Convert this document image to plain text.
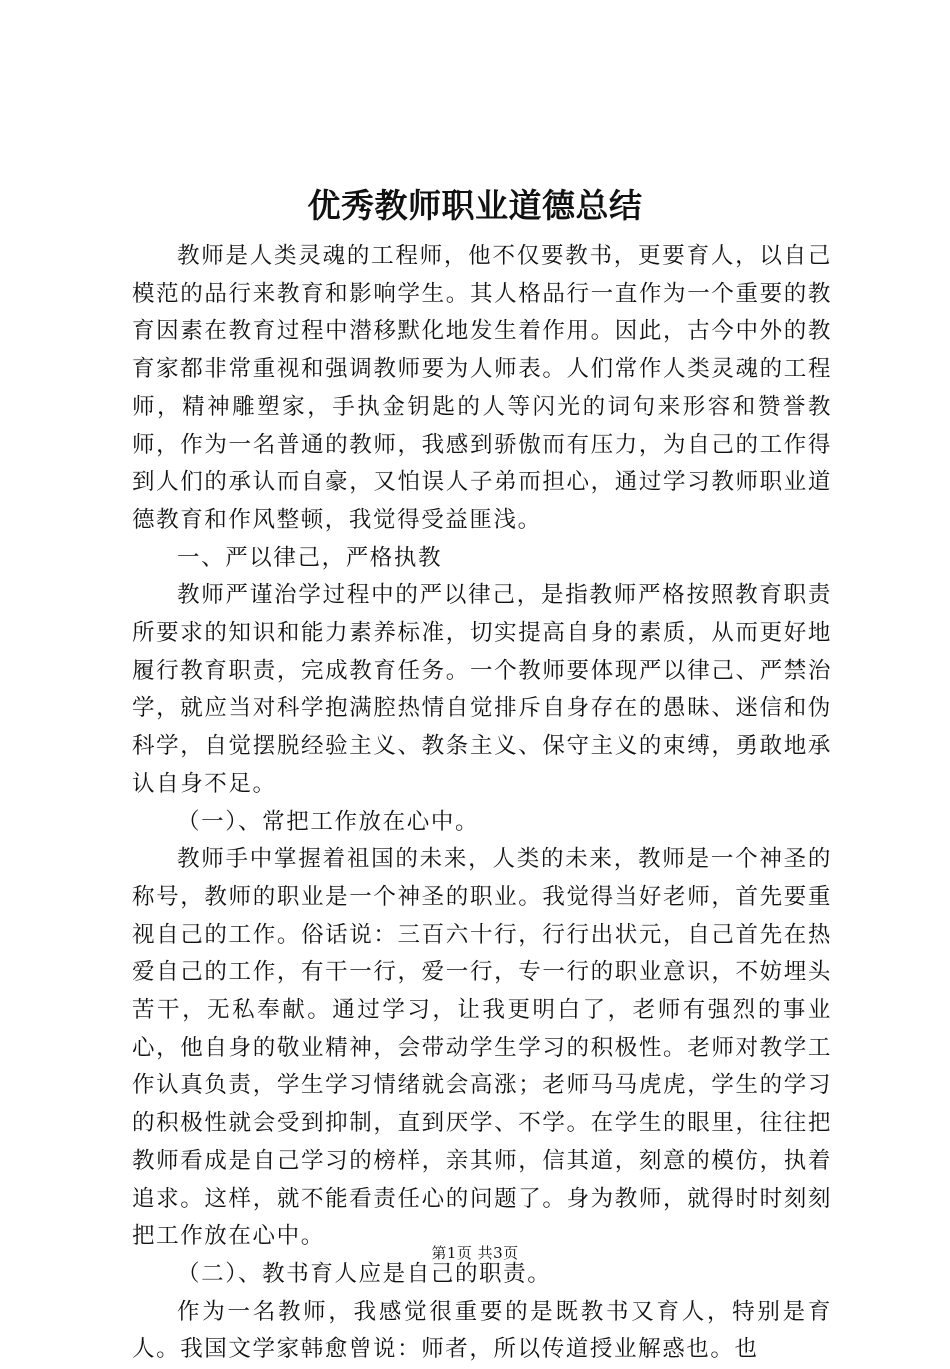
优秀教师职业道德总结

教师是人类灵魂的工程师，他不仅要教书，更要育人，以自己模范的品行来教育和影响学生。其人格品行一直作为一个重要的教育因素在教育过程中潜移默化地发生着作用。因此，古今中外的教育家都非常重视和强调教师要为人师表。人们常作人类灵魂的工程师，精神雕塑家，手执金钥匙的人等闪光的词句来形容和赞誉教师，作为一名普通的教师，我感到骄傲而有压力，为自己的工作得到人们的承认而自豪，又怕误人子弟而担心，通过学习教师职业道德教育和作风整顿，我觉得受益匪浅。

一、严以律己，严格执教

教师严谨治学过程中的严以律己，是指教师严格按照教育职责所要求的知识和能力素养标准，切实提高自身的素质，从而更好地履行教育职责，完成教育任务。一个教师要体现严以律己、严禁治学，就应当对科学抱满腔热情自觉排斥自身存在的愚昧、迷信和伪科学，自觉摆脱经验主义、教条主义、保守主义的束缚，勇敢地承认自身不足。

（一）、常把工作放在心中。

教师手中掌握着祖国的未来，人类的未来，教师是一个神圣的称号，教师的职业是一个神圣的职业。我觉得当好老师，首先要重视自己的工作。俗话说：三百六十行，行行出状元，自己首先在热爱自己的工作，有干一行，爱一行，专一行的职业意识，不妨埋头苦干，无私奉献。通过学习，让我更明白了，老师有强烈的事业心，他自身的敬业精神，会带动学生学习的积极性。老师对教学工作认真负责，学生学习情绪就会高涨；老师马马虎虎，学生的学习的积极性就会受到抑制，直到厌学、不学。在学生的眼里，往往把教师看成是自己学习的榜样，亲其师，信其道，刻意的模仿，执着追求。这样，就不能看责任心的问题了。身为教师，就得时时刻刻把工作放在心中。

（二）、教书育人应是自己的职责。

作为一名教师，我感觉很重要的是既教书又育人，特别是育人。我国文学家韩愈曾说：师者，所以传道授业解惑也。也

第1页 共3页
